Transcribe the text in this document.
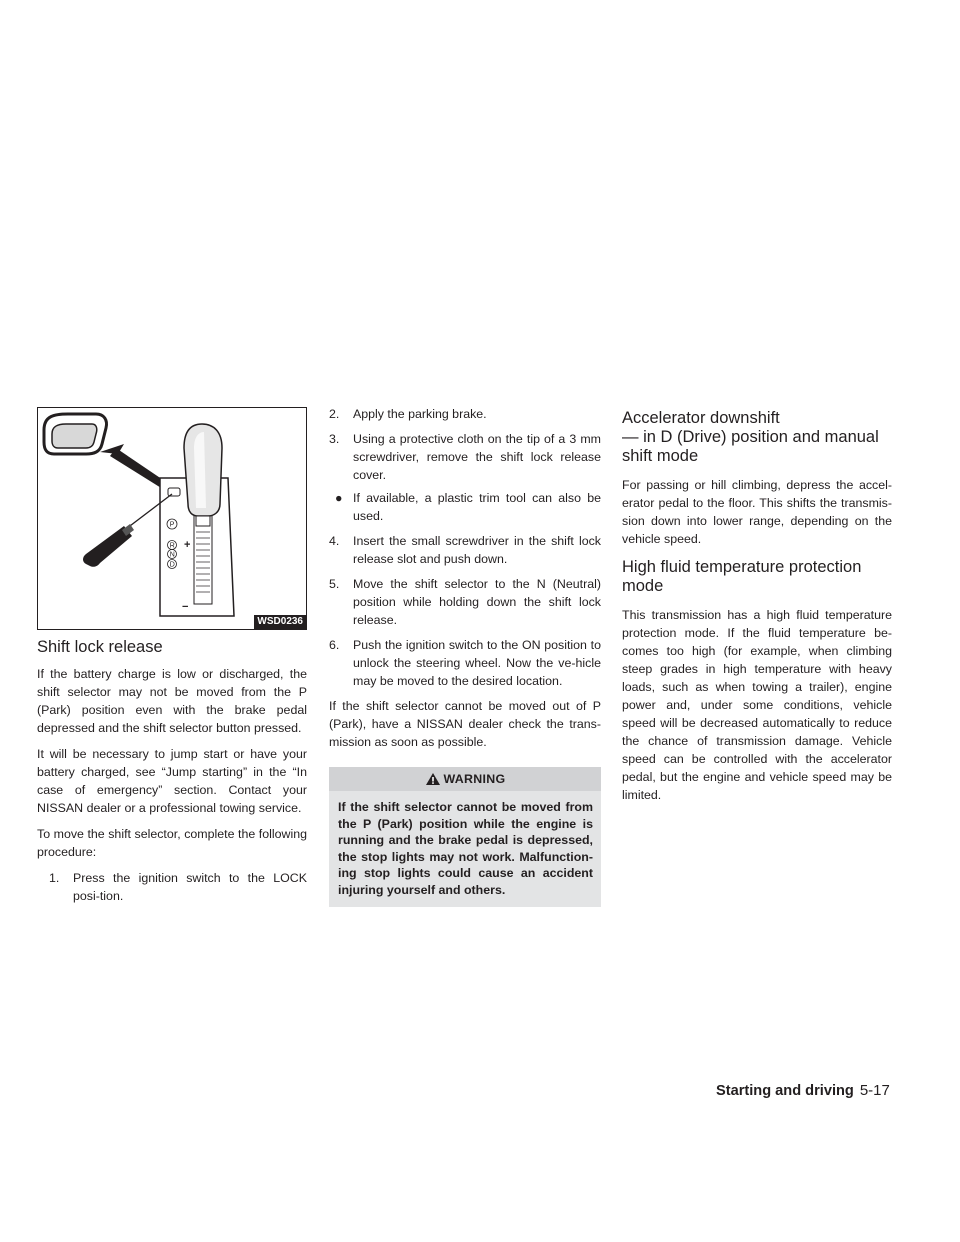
P
R
N
D
+
−
WSD0236
Shift lock release

If the battery charge is low or discharged, the shift selector may not be moved from the P (Park) position even with the brake pedal depressed and the shift selector button pressed.

It will be necessary to jump start or have your battery charged, see “Jump starting” in the “In case of emergency” section. Contact your NISSAN dealer or a professional towing service.

To move the shift selector, complete the following procedure:

1. Press the ignition switch to the LOCK posi-tion.
2. Apply the parking brake.
3. Using a protective cloth on the tip of a 3 mm screwdriver, remove the shift lock release cover.
● If available, a plastic trim tool can also be used.
4. Insert the small screwdriver in the shift lock release slot and push down.
5. Move the shift selector to the N (Neutral) position while holding down the shift lock release.
6. Push the ignition switch to the ON position to unlock the steering wheel. Now the ve-hicle may be moved to the desired location.

If the shift selector cannot be moved out of P (Park), have a NISSAN dealer check the trans-mission as soon as possible.

WARNING
If the shift selector cannot be moved from the P (Park) position while the engine is running and the brake pedal is depressed, the stop lights may not work. Malfunction-ing stop lights could cause an accident injuring yourself and others.
Accelerator downshift
— in D (Drive) position and manual
shift mode

For passing or hill climbing, depress the accel-erator pedal to the floor. This shifts the transmis-sion down into lower range, depending on the vehicle speed.

High fluid temperature protection
mode

This transmission has a high fluid temperature protection mode. If the fluid temperature be-comes too high (for example, when climbing steep grades in high temperature with heavy loads, such as when towing a trailer), engine power and, under some conditions, vehicle speed will be decreased automatically to reduce the chance of transmission damage. Vehicle speed can be controlled with the accelerator pedal, but the engine and vehicle speed may be limited.

Starting and driving 5-17
